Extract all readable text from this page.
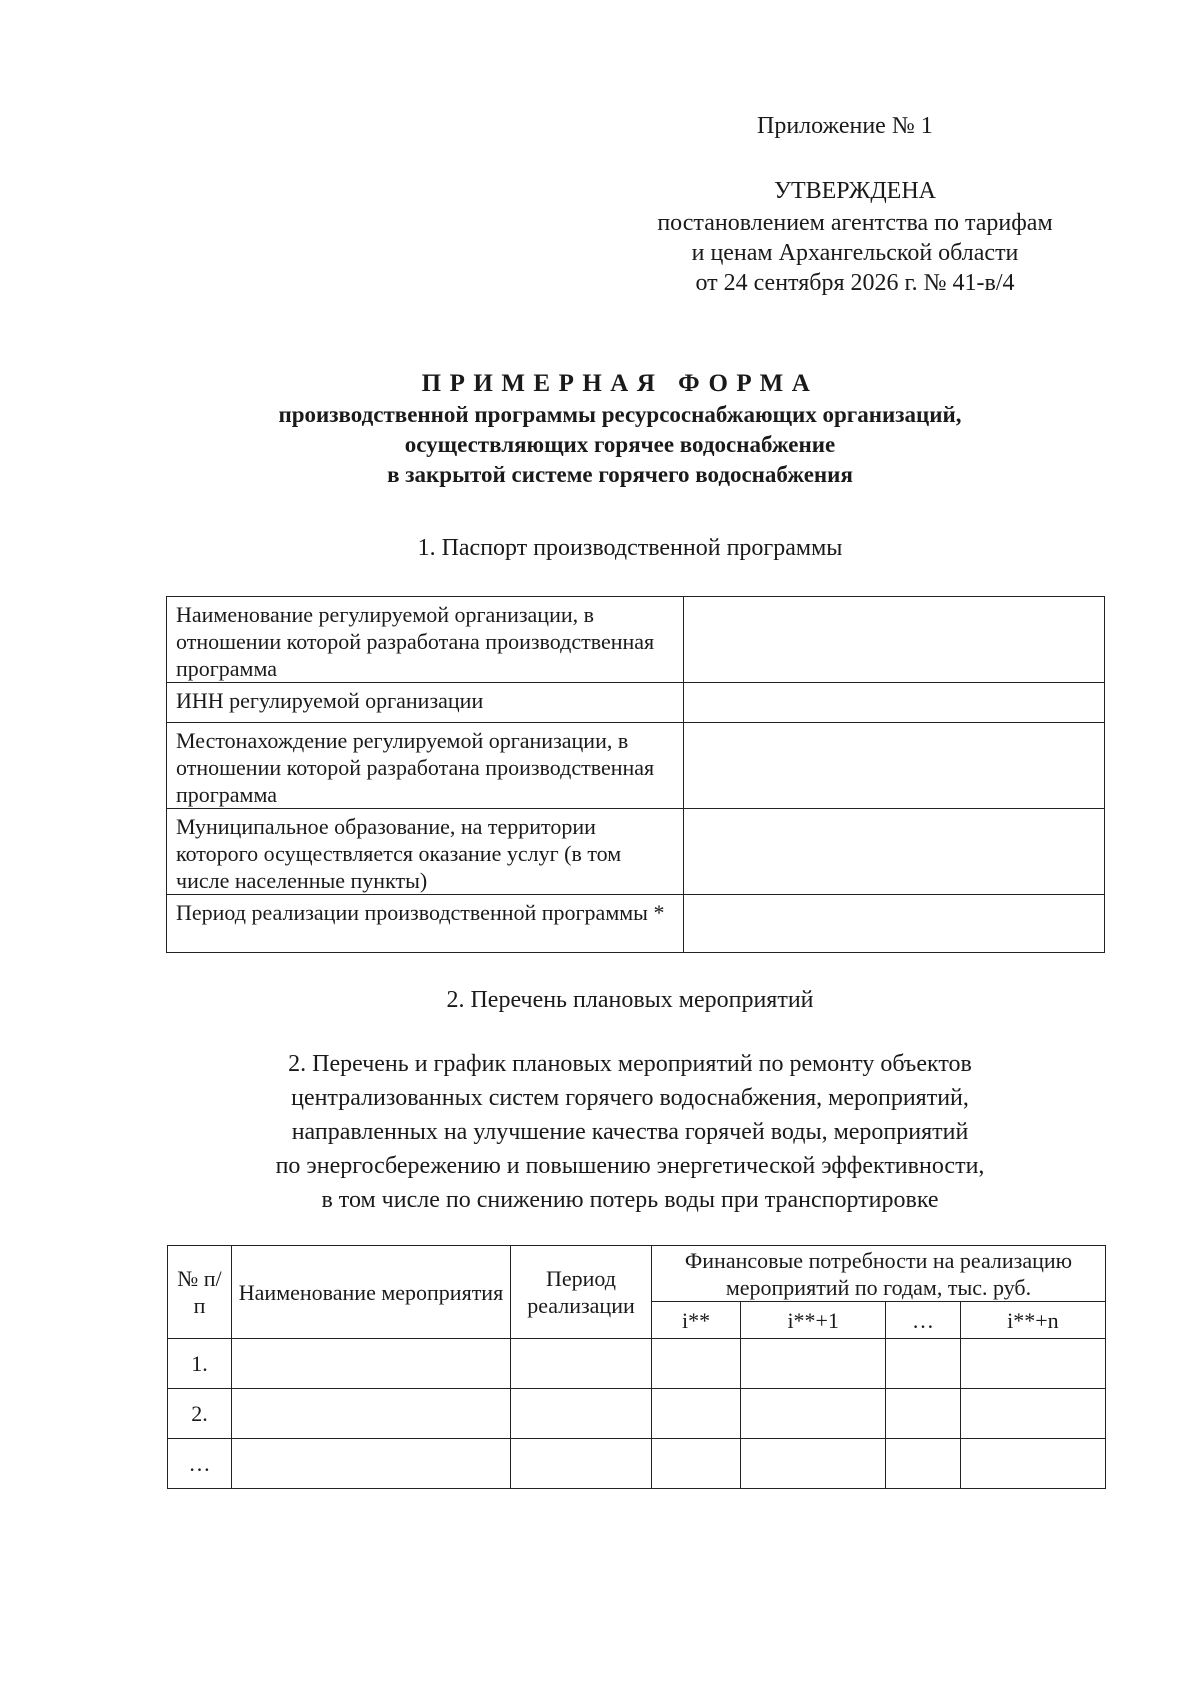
Приложение № 1
УТВЕРЖДЕНА
постановлением агентства по тарифам
и ценам Архангельской области
от 24 сентября 2026 г. № 41-в/4
ПРИМЕРНАЯ ФОРМА
производственной программы ресурсоснабжающих организаций,
осуществляющих горячее водоснабжение
в закрытой системе горячего водоснабжения
1. Паспорт производственной программы
Наименование регулируемой организации, в отношении которой разработана производственная программа	
ИНН регулируемой организации	
Местонахождение регулируемой организации, в отношении которой разработана производственная программа	
Муниципальное образование, на территории которого осуществляется оказание услуг (в том числе населенные пункты)	
Период реализации производственной программы *	
2. Перечень плановых мероприятий
2. Перечень и график плановых мероприятий по ремонту объектов
централизованных систем горячего водоснабжения, мероприятий,
направленных на улучшение качества горячей воды, мероприятий
по энергосбережению и повышению энергетической эффективности,
в том числе по снижению потерь воды при транспортировке
№ п/п	Наименование мероприятия	Период реализации	Финансовые потребности на реализацию мероприятий по годам, тыс. руб.			
			i**	i**+1	…	i**+n
1.						
2.						
…						
